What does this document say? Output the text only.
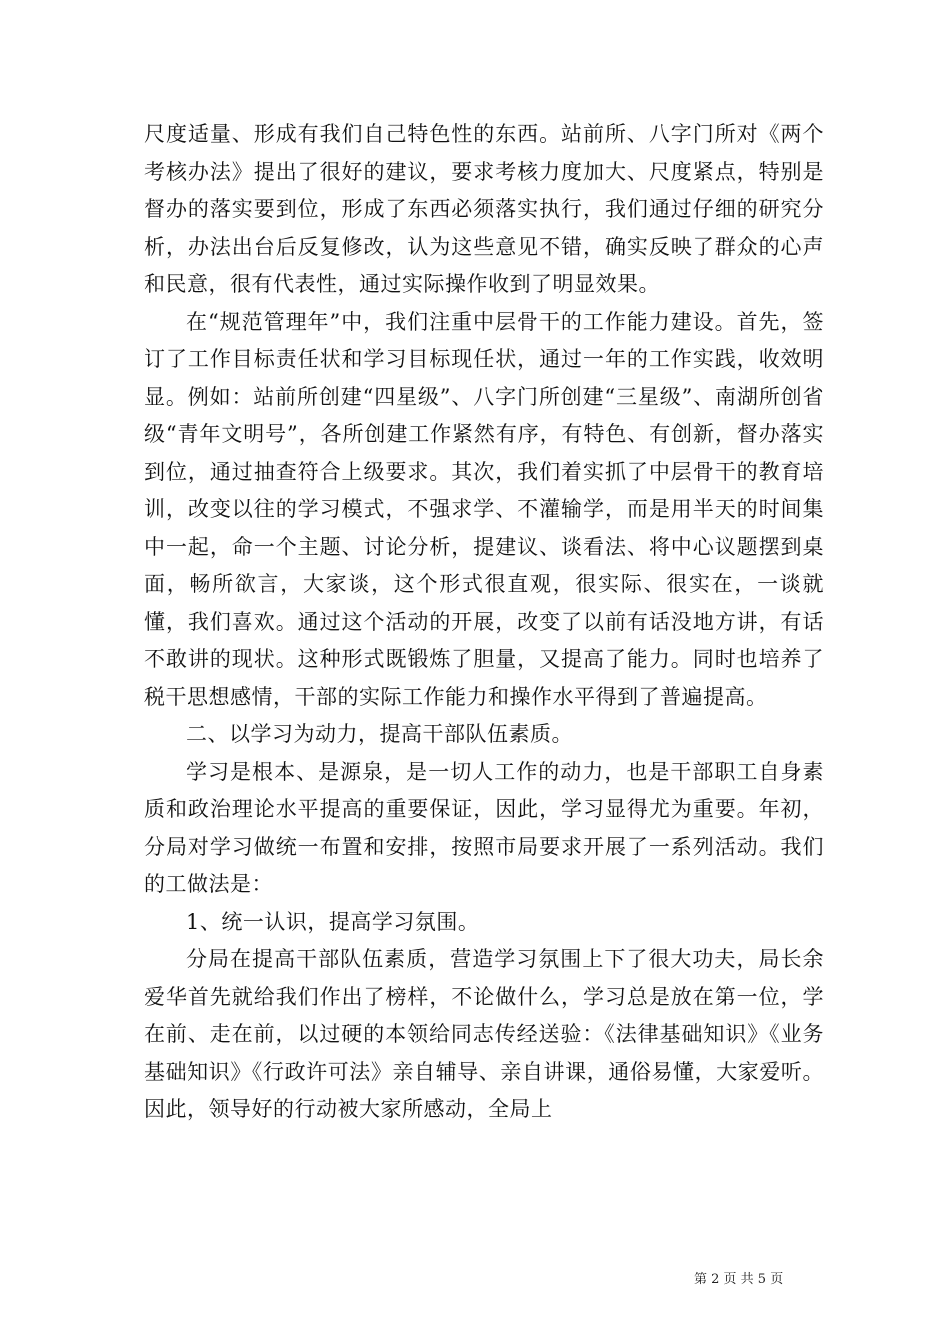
尺度适量、形成有我们自己特色性的东西。站前所、八字门所对《两个考核办法》提出了很好的建议，要求考核力度加大、尺度紧点，特别是督办的落实要到位，形成了东西必须落实执行，我们通过仔细的研究分析，办法出台后反复修改，认为这些意见不错，确实反映了群众的心声和民意，很有代表性，通过实际操作收到了明显效果。

在“规范管理年”中，我们注重中层骨干的工作能力建设。首先，签订了工作目标责任状和学习目标现任状，通过一年的工作实践，收效明显。例如：站前所创建“四星级”、八字门所创建“三星级”、南湖所创省级“青年文明号”，各所创建工作紧然有序，有特色、有创新，督办落实到位，通过抽查符合上级要求。其次，我们着实抓了中层骨干的教育培训，改变以往的学习模式，不强求学、不灌输学，而是用半天的时间集中一起，命一个主题、讨论分析，提建议、谈看法、将中心议题摆到桌面，畅所欲言，大家谈，这个形式很直观，很实际、很实在，一谈就懂，我们喜欢。通过这个活动的开展，改变了以前有话没地方讲，有话不敢讲的现状。这种形式既锻炼了胆量，又提高了能力。同时也培养了税干思想感情，干部的实际工作能力和操作水平得到了普遍提高。

二、以学习为动力，提高干部队伍素质。

学习是根本、是源泉，是一切人工作的动力，也是干部职工自身素质和政治理论水平提高的重要保证，因此，学习显得尤为重要。年初，分局对学习做统一布置和安排，按照市局要求开展了一系列活动。我们的工做法是：

1、统一认识，提高学习氛围。

分局在提高干部队伍素质，营造学习氛围上下了很大功夫，局长余爱华首先就给我们作出了榜样，不论做什么，学习总是放在第一位，学在前、走在前，以过硬的本领给同志传经送验：《法律基础知识》《业务基础知识》《行政许可法》亲自辅导、亲自讲课，通俗易懂，大家爱听。因此，领导好的行动被大家所感动，全局上

第 2 页 共 5 页
